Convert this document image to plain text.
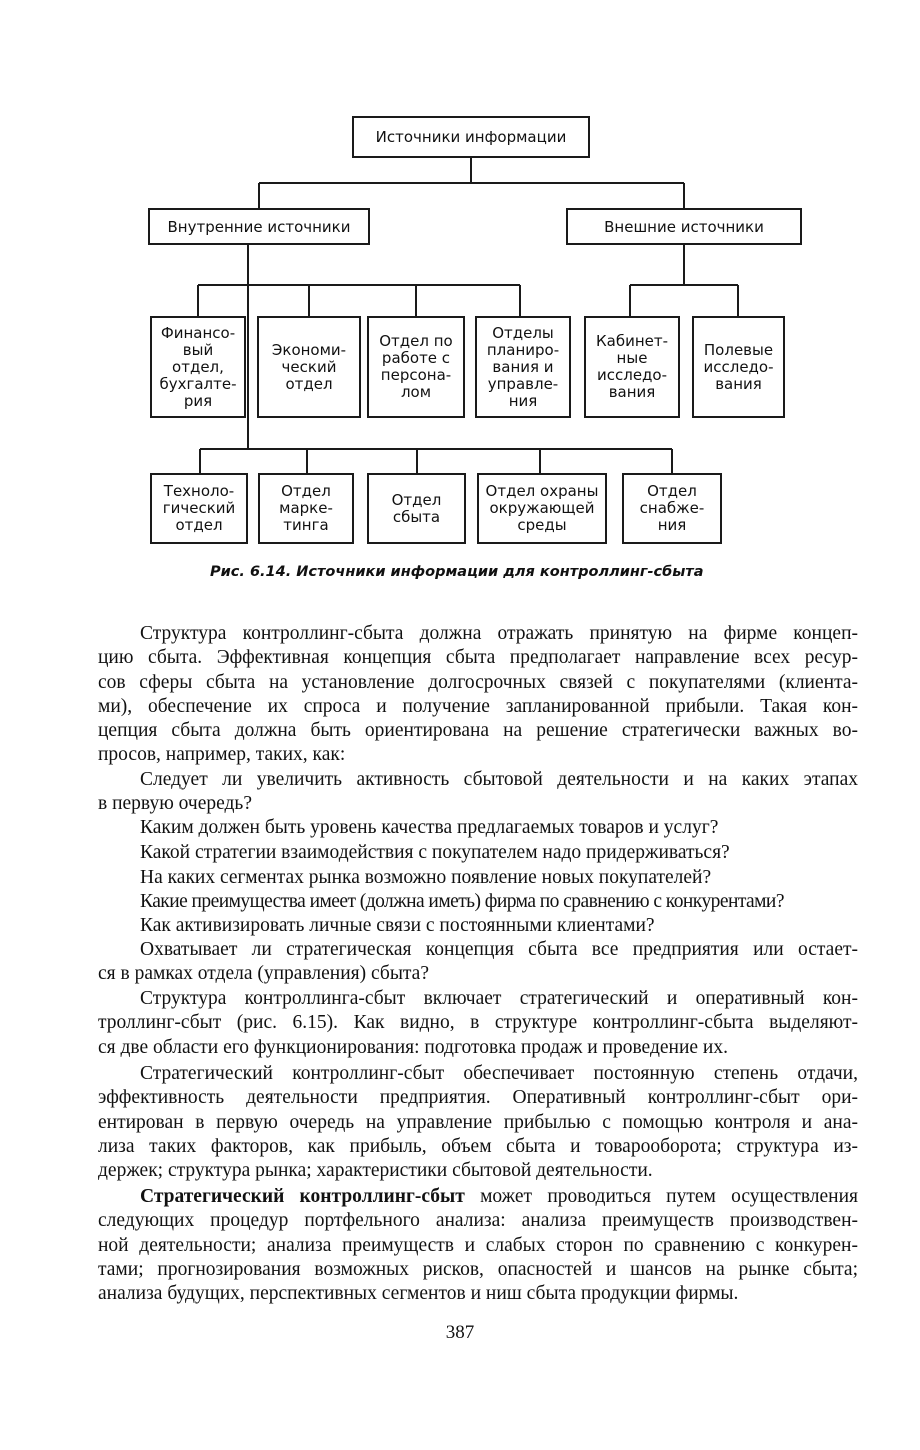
Источники информации
Внутренние источники	Внешние источники
Финансо-
вый
отдел,
бухгалте-
рия
Экономи-
ческий
отдел
Отдел по
работе с
персона-
лом
Отделы
планиро-
вания и
управле-
ния
Кабинет-
ные
исследо-
вания
Полевые
исследо-
вания
Техноло-
гический
отдел
Отдел
марке-
тинга
Отдел
сбыта
Отдел охраны
окружающей
среды
Отдел
снабже-
ния
Рис. 6.14. Источники информации для контроллинг-сбыта
Структура контроллинг-сбыта должна отражать принятую на фирме концеп-
цию сбыта. Эффективная концепция сбыта предполагает направление всех ресур-
сов сферы сбыта на установление долгосрочных связей с покупателями (клиента-
ми), обеспечение их спроса и получение запланированной прибыли. Такая кон-
цепция сбыта должна быть ориентирована на решение стратегически важных во-
просов, например, таких, как:
Следует ли увеличить активность сбытовой деятельности и на каких этапах
в первую очередь?
Каким должен быть уровень качества предлагаемых товаров и услуг?
Какой стратегии взаимодействия с покупателем надо придерживаться?
На каких сегментах рынка возможно появление новых покупателей?
Какие преимущества имеет (должна иметь) фирма по сравнению с конкурентами?
Как активизировать личные связи с постоянными клиентами?
Охватывает ли стратегическая концепция сбыта все предприятия или остает-
ся в рамках отдела (управления) сбыта?
Структура контроллинга-сбыт включает стратегический и оперативный кон-
троллинг-сбыт (рис. 6.15). Как видно, в структуре контроллинг-сбыта выделяют-
ся две области его функционирования: подготовка продаж и проведение их.
Стратегический контроллинг-сбыт обеспечивает постоянную степень отдачи,
эффективность деятельности предприятия. Оперативный контроллинг-сбыт ори-
ентирован в первую очередь на управление прибылью с помощью контроля и ана-
лиза таких факторов, как прибыль, объем сбыта и товарооборота; структура из-
держек; структура рынка; характеристики сбытовой деятельности.
Стратегический контроллинг-сбыт может проводиться путем осуществления
следующих процедур портфельного анализа: анализа преимуществ производствен-
ной деятельности; анализа преимуществ и слабых сторон по сравнению с конкурен-
тами; прогнозирования возможных рисков, опасностей и шансов на рынке сбыта;
анализа будущих, перспективных сегментов и ниш сбыта продукции фирмы.
387
